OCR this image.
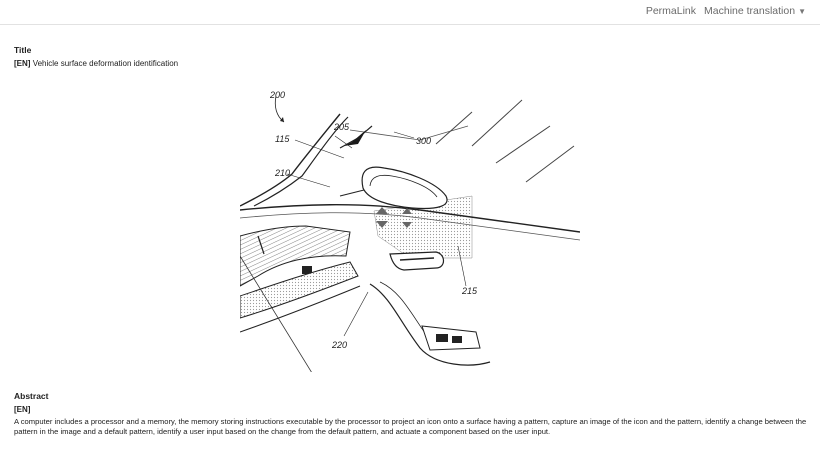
PermaLink Machine translation ▼
Title
[EN] Vehicle surface deformation identification
200
205
115	300
210
215
220
Abstract
[EN]
A computer includes a processor and a memory, the memory storing instructions executable by the processor to project an icon onto a surface having a pattern, capture an image of the icon and the pattern, identify a change between the pattern in the image and a default pattern, identify a user input based on the change from the default pattern, and actuate a component based on the user input.
